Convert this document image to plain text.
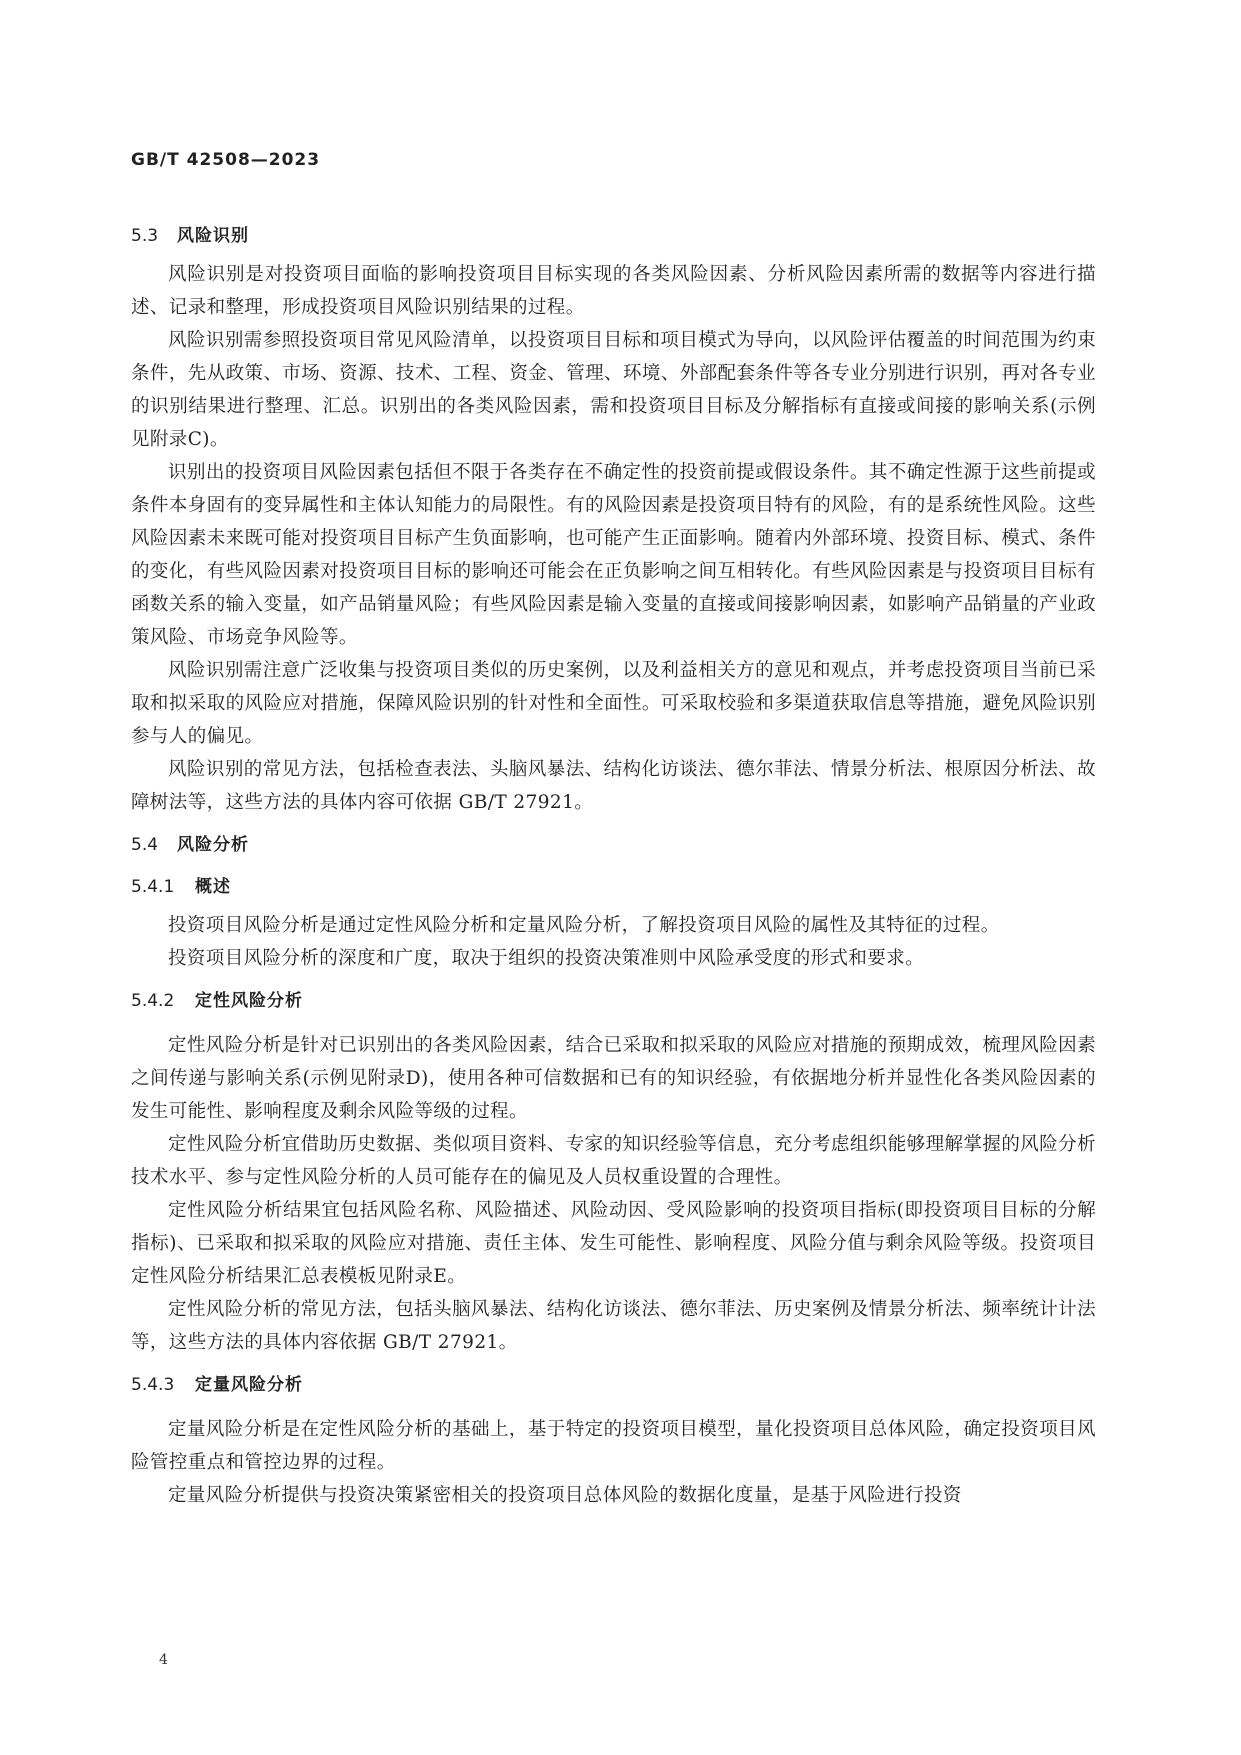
GB/T 42508—2023
5.3 风险识别

风险识别是对投资项目面临的影响投资项目目标实现的各类风险因素、分析风险因素所需的数据等内容进行描述、记录和整理，形成投资项目风险识别结果的过程。

风险识别需参照投资项目常见风险清单，以投资项目目标和项目模式为导向，以风险评估覆盖的时间范围为约束条件，先从政策、市场、资源、技术、工程、资金、管理、环境、外部配套条件等各专业分别进行识别，再对各专业的识别结果进行整理、汇总。识别出的各类风险因素，需和投资项目目标及分解指标有直接或间接的影响关系(示例见附录C)。

识别出的投资项目风险因素包括但不限于各类存在不确定性的投资前提或假设条件。其不确定性源于这些前提或条件本身固有的变异属性和主体认知能力的局限性。有的风险因素是投资项目特有的风险，有的是系统性风险。这些风险因素未来既可能对投资项目目标产生负面影响，也可能产生正面影响。随着内外部环境、投资目标、模式、条件的变化，有些风险因素对投资项目目标的影响还可能会在正负影响之间互相转化。有些风险因素是与投资项目目标有函数关系的输入变量，如产品销量风险；有些风险因素是输入变量的直接或间接影响因素，如影响产品销量的产业政策风险、市场竞争风险等。

风险识别需注意广泛收集与投资项目类似的历史案例，以及利益相关方的意见和观点，并考虑投资项目当前已采取和拟采取的风险应对措施，保障风险识别的针对性和全面性。可采取校验和多渠道获取信息等措施，避免风险识别参与人的偏见。

风险识别的常见方法，包括检查表法、头脑风暴法、结构化访谈法、德尔菲法、情景分析法、根原因分析法、故障树法等，这些方法的具体内容可依据 GB/T 27921。

5.4 风险分析
5.4.1 概述

投资项目风险分析是通过定性风险分析和定量风险分析，了解投资项目风险的属性及其特征的过程。

投资项目风险分析的深度和广度，取决于组织的投资决策准则中风险承受度的形式和要求。

5.4.2 定性风险分析

定性风险分析是针对已识别出的各类风险因素，结合已采取和拟采取的风险应对措施的预期成效，梳理风险因素之间传递与影响关系(示例见附录D)，使用各种可信数据和已有的知识经验，有依据地分析并显性化各类风险因素的发生可能性、影响程度及剩余风险等级的过程。

定性风险分析宜借助历史数据、类似项目资料、专家的知识经验等信息，充分考虑组织能够理解掌握的风险分析技术水平、参与定性风险分析的人员可能存在的偏见及人员权重设置的合理性。

定性风险分析结果宜包括风险名称、风险描述、风险动因、受风险影响的投资项目指标(即投资项目目标的分解指标)、已采取和拟采取的风险应对措施、责任主体、发生可能性、影响程度、风险分值与剩余风险等级。投资项目定性风险分析结果汇总表模板见附录E。

定性风险分析的常见方法，包括头脑风暴法、结构化访谈法、德尔菲法、历史案例及情景分析法、频率统计计法等，这些方法的具体内容依据 GB/T 27921。

5.4.3 定量风险分析

定量风险分析是在定性风险分析的基础上，基于特定的投资项目模型，量化投资项目总体风险，确定投资项目风险管控重点和管控边界的过程。

定量风险分析提供与投资决策紧密相关的投资项目总体风险的数据化度量，是基于风险进行投资

4
